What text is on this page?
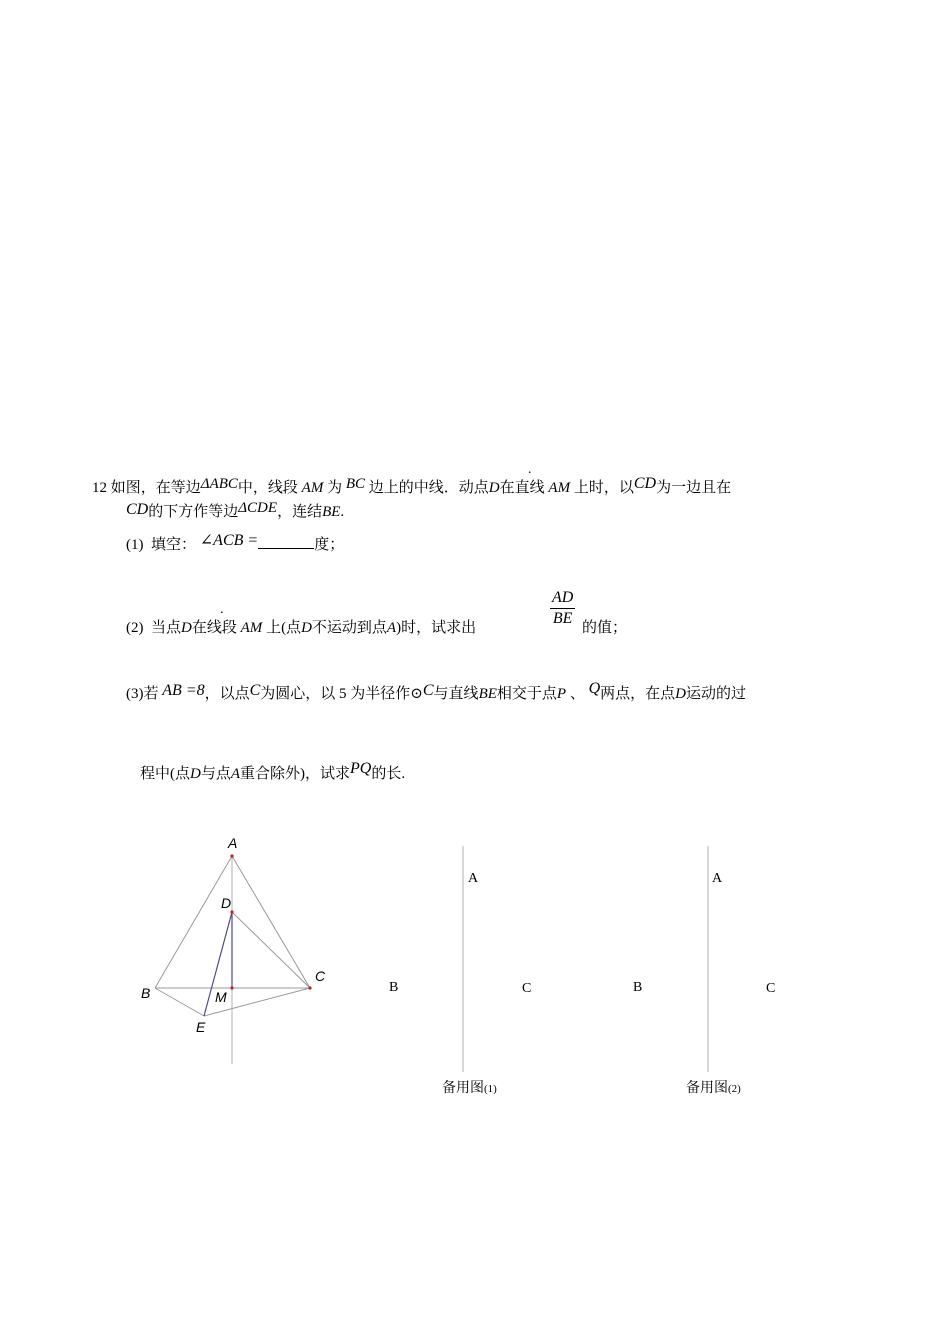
12 如图，在等边ΔABC中，线段 AM 为 BC 边上的中线．动点D在直线 AM 上时，以CD为一边且在
CD的下方作等边ΔCDE，连结BE.
(1) 填空： ∠ACB =	度；
(2) 当点D在线段 AM 上(点D不运动到点A)时，试求出	$\frac{AD}{BE}$ 的值；
(3)若 AB =8，以点C为圆心，以 5 为半径作⊙C与直线BE相交于点P 、 Q两点，在点D运动的过
程中(点D与点A重合除外)，试求PQ的长.
A
D
B	M
C
E
A
B	C
备用图(1)
A
B	C
备用图(2)
